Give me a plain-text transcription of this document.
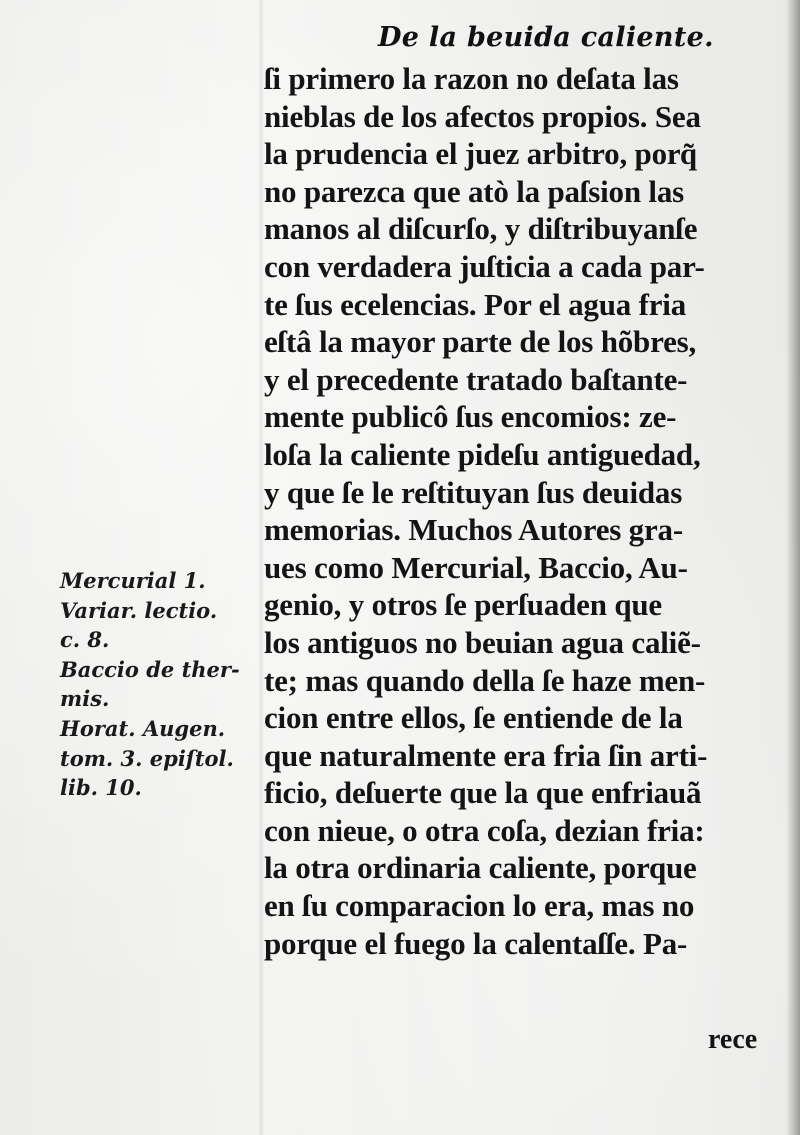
De la beuida caliente.
ſi primero la razon no deſata las
nieblas de los afectos propios. Sea
la prudencia el juez arbitro, porq̃
no parezca que atò la paſsion las
manos al diſcurſo, y diſtribuyanſe
con verdadera juſticia a cada par-
te ſus ecelencias. Por el agua fria
eſtâ la mayor parte de los hõbres,
y el precedente tratado baſtante-
mente publicô ſus encomios: ze-
loſa la caliente pideſu antiguedad,
y que ſe le reſtituyan ſus deuidas
memorias. Muchos Autores gra-
ues como Mercurial, Baccio, Au-
genio, y otros ſe perſuaden que
los antiguos no beuian agua caliẽ-
te; mas quando della ſe haze men-
cion entre ellos, ſe entiende de la
que naturalmente era fria ſin arti-
ficio, deſuerte que la que enfriauã
con nieue, o otra coſa, dezian fria:
la otra ordinaria caliente, porque
en ſu comparacion lo era, mas no
porque el fuego la calentaſſe. Pa-
rece
Mercurial 1.
Variar. lectio.
c. 8.
Baccio de ther-
mis.
Horat. Augen.
tom. 3. epiſtol.
lib. 10.
